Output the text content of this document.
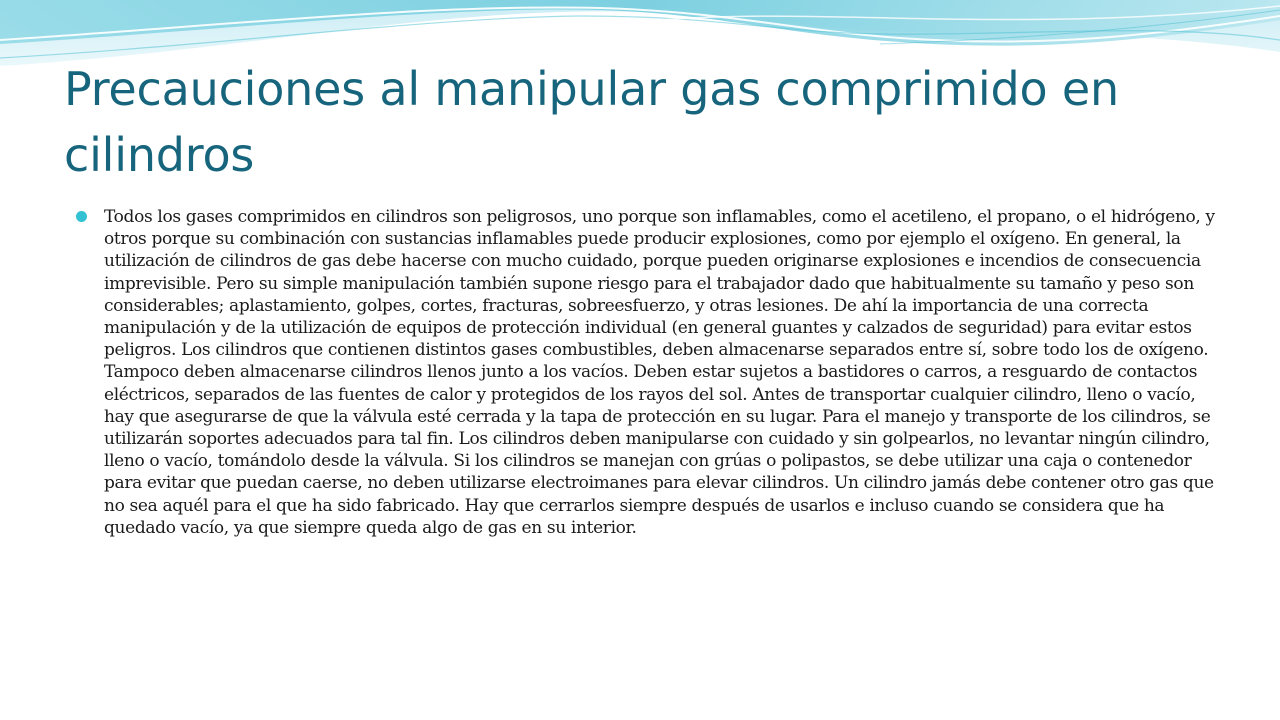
Precauciones al manipular gas comprimido en cilindros
Todos los gases comprimidos en cilindros son peligrosos, uno porque son inflamables, como el acetileno, el propano, o el hidrógeno, y otros porque su combinación con sustancias inflamables puede producir explosiones, como por ejemplo el oxígeno. En general, la utilización de cilindros de gas debe hacerse con mucho cuidado, porque pueden originarse explosiones e incendios de consecuencia imprevisible. Pero su simple manipulación también supone riesgo para el trabajador dado que habitualmente su tamaño y peso son considerables; aplastamiento, golpes, cortes, fracturas, sobreesfuerzo, y otras lesiones. De ahí la importancia de una correcta manipulación y de la utilización de equipos de protección individual (en general guantes y calzados de seguridad) para evitar estos peligros. Los cilindros que contienen distintos gases combustibles, deben almacenarse separados entre sí, sobre todo los de oxígeno. Tampoco deben almacenarse cilindros llenos junto a los vacíos. Deben estar sujetos a bastidores o carros, a resguardo de contactos eléctricos, separados de las fuentes de calor y protegidos de los rayos del sol. Antes de transportar cualquier cilindro, lleno o vacío, hay que asegurarse de que la válvula esté cerrada y la tapa de protección en su lugar. Para el manejo y transporte de los cilindros, se utilizarán soportes adecuados para tal fin. Los cilindros deben manipularse con cuidado y sin golpearlos, no levantar ningún cilindro, lleno o vacío, tomándolo desde la válvula. Si los cilindros se manejan con grúas o polipastos, se debe utilizar una caja o contenedor para evitar que puedan caerse, no deben utilizarse electroimanes para elevar cilindros. Un cilindro jamás debe contener otro gas que no sea aquél para el que ha sido fabricado. Hay que cerrarlos siempre después de usarlos e incluso cuando se considera que ha quedado vacío, ya que siempre queda algo de gas en su interior.
